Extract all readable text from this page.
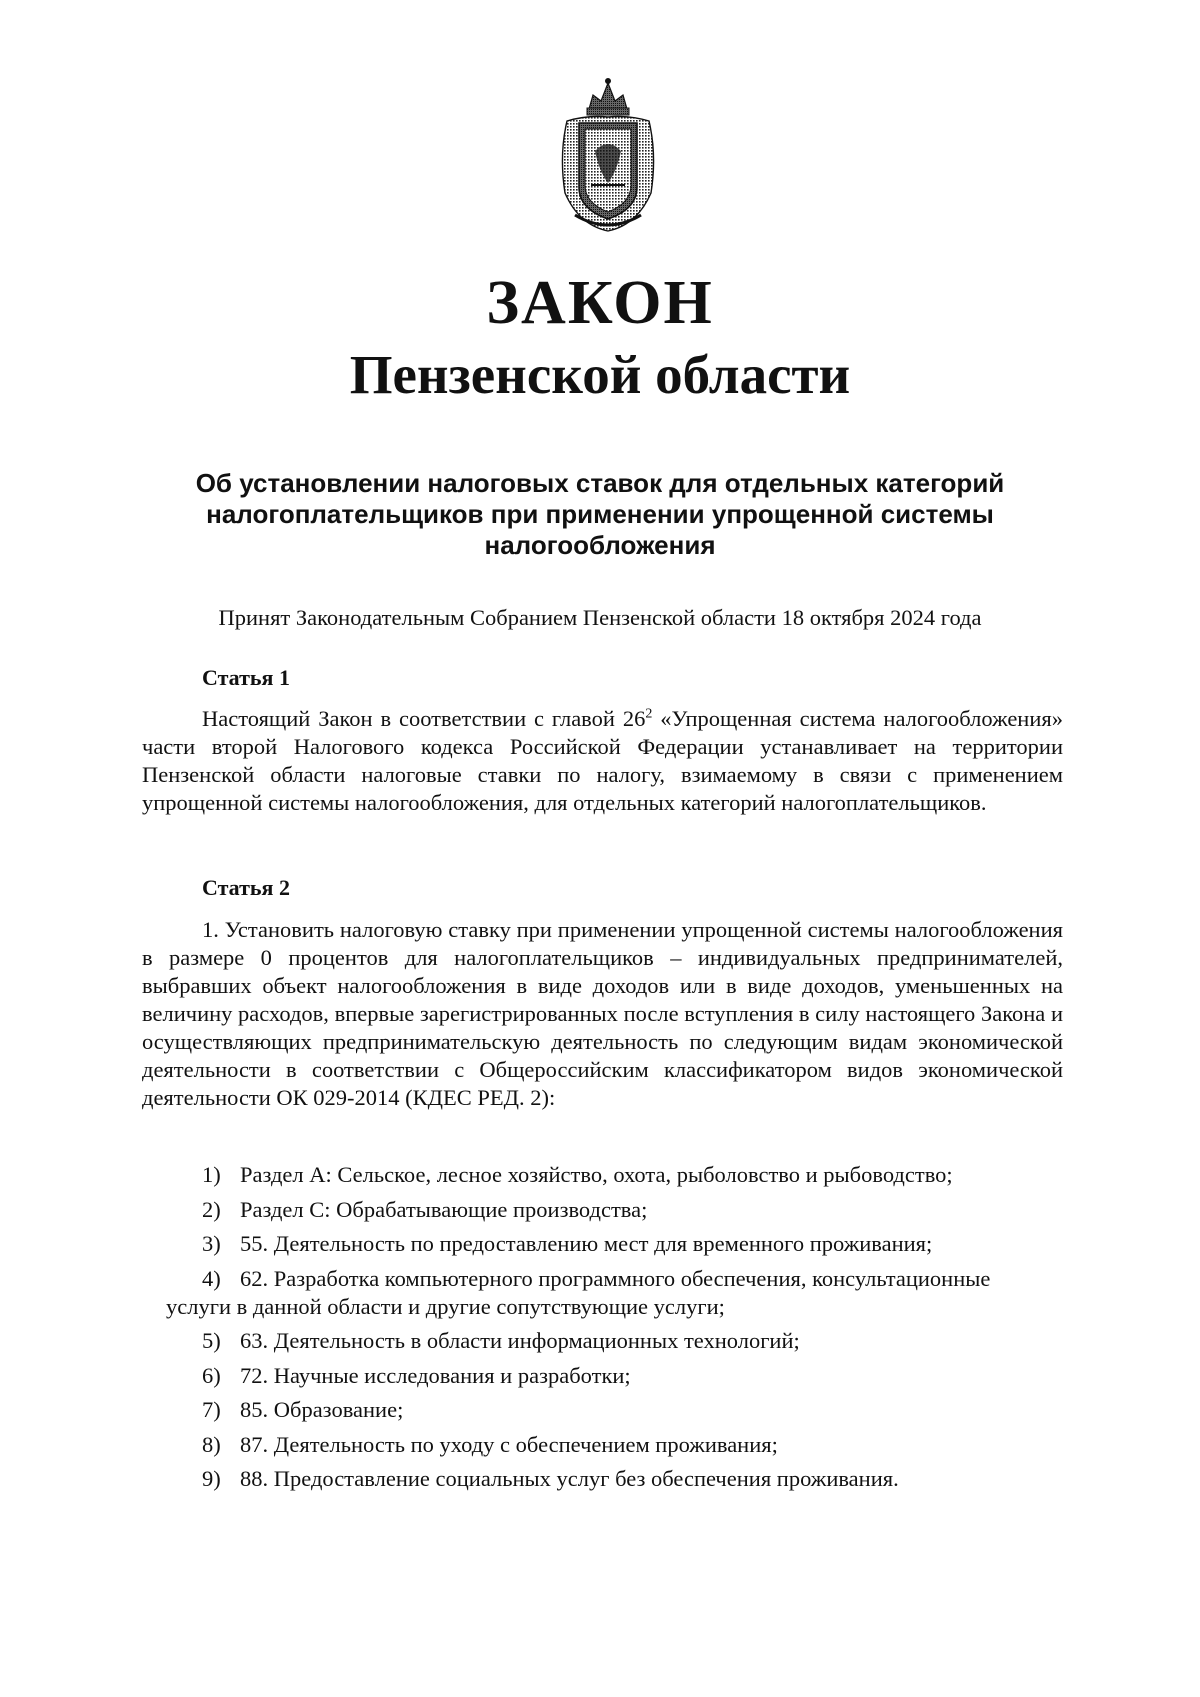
ЗАКОН
Пензенской области

Об установлении налоговых ставок для отдельных категорий налогоплательщиков при применении упрощенной системы налогообложения

Принят Законодательным Собранием Пензенской области 18 октября 2024 года

Статья 1

Настоящий Закон в соответствии с главой $26^2$ «Упрощенная система налогообложения» части второй Налогового кодекса Российской Федерации устанавливает на территории Пензенской области налоговые ставки по налогу, взимаемому в связи с применением упрощенной системы налогообложения, для отдельных категорий налогоплательщиков.

Статья 2

1. Установить налоговую ставку при применении упрощенной системы налогообложения в размере 0 процентов для налогоплательщиков – индивидуальных предпринимателей, выбравших объект налогообложения в виде доходов или в виде доходов, уменьшенных на величину расходов, впервые зарегистрированных после вступления в силу настоящего Закона и осуществляющих предпринимательскую деятельность по следующим видам экономической деятельности в соответствии с Общероссийским классификатором видов экономической деятельности ОК 029-2014 (КДЕС РЕД. 2):

1) Раздел А: Сельское, лесное хозяйство, охота, рыболовство и рыбоводство;
2) Раздел С: Обрабатывающие производства;
3) 55. Деятельность по предоставлению мест для временного проживания;
4) 62. Разработка компьютерного программного обеспечения, консультационные
услуги в данной области и другие сопутствующие услуги;
5) 63. Деятельность в области информационных технологий;
6) 72. Научные исследования и разработки;
7) 85. Образование;
8) 87. Деятельность по уходу с обеспечением проживания;
9) 88. Предоставление социальных услуг без обеспечения проживания.
